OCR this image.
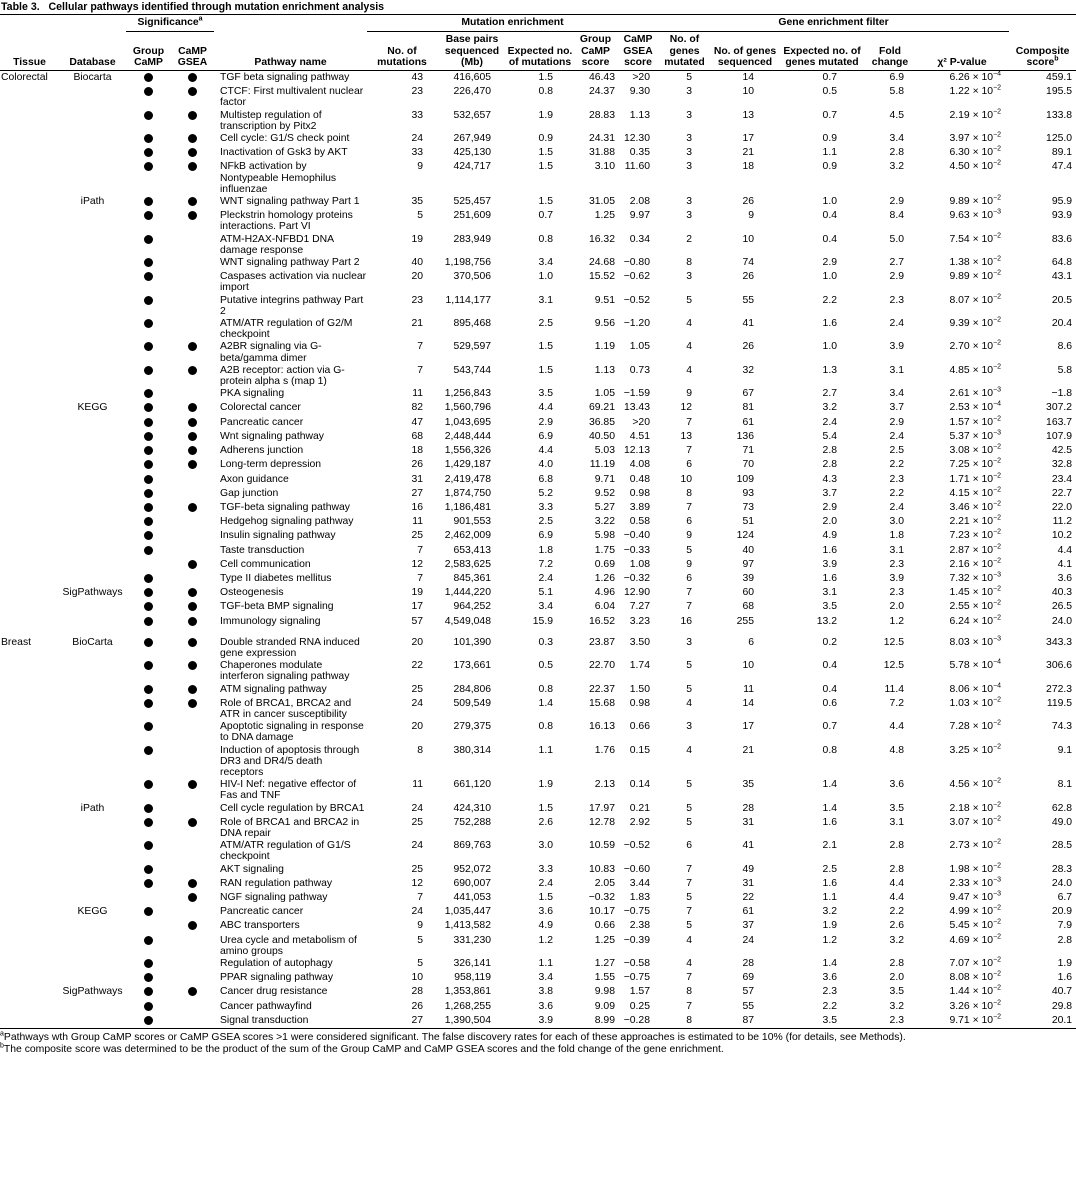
Table 3. Cellular pathways identified through mutation enrichment analysis
		Significance$^a$			Mutation enrichment					Gene enrichment filter					
Tissue	Database	Group CaMP	CaMP GSEA	Pathway name	No. of mutations	Base pairs sequenced (Mb)	Expected no. of mutations	Group CaMP score	CaMP GSEA score	No. of genes mutated	No. of genes sequenced	Expected no. of genes mutated	Fold change	χ² P-value	Composite score$^b$
Colorectal	Biocarta			TGF beta signaling pathway	43	416,605	1.5	46.43	>20	5	14	0.7	6.9	$6.26 \times 10^{-4}$	459.1
				CTCF: First multivalent nuclear factor	23	226,470	0.8	24.37	9.30	3	10	0.5	5.8	$1.22 \times 10^{-2}$	195.5
				Multistep regulation of transcription by Pitx2	33	532,657	1.9	28.83	1.13	3	13	0.7	4.5	$2.19 \times 10^{-2}$	133.8
				Cell cycle: G1/S check point	24	267,949	0.9	24.31	12.30	3	17	0.9	3.4	$3.97 \times 10^{-2}$	125.0
				Inactivation of Gsk3 by AKT	33	425,130	1.5	31.88	0.35	3	21	1.1	2.8	$6.30 \times 10^{-2}$	89.1
				NFkB activation by Nontypeable Hemophilus influenzae	9	424,717	1.5	3.10	11.60	3	18	0.9	3.2	$4.50 \times 10^{-2}$	47.4
	iPath			WNT signaling pathway Part 1	35	525,457	1.5	31.05	2.08	3	26	1.0	2.9	$9.89 \times 10^{-2}$	95.9
				Pleckstrin homology proteins interactions. Part VI	5	251,609	0.7	1.25	9.97	3	9	0.4	8.4	$9.63 \times 10^{-3}$	93.9
				ATM-H2AX-NFBD1 DNA damage response	19	283,949	0.8	16.32	0.34	2	10	0.4	5.0	$7.54 \times 10^{-2}$	83.6
				WNT signaling pathway Part 2	40	1,198,756	3.4	24.68	−0.80	8	74	2.9	2.7	$1.38 \times 10^{-2}$	64.8
				Caspases activation via nuclear import	20	370,506	1.0	15.52	−0.62	3	26	1.0	2.9	$9.89 \times 10^{-2}$	43.1
				Putative integrins pathway Part 2	23	1,114,177	3.1	9.51	−0.52	5	55	2.2	2.3	$8.07 \times 10^{-2}$	20.5
				ATM/ATR regulation of G2/M checkpoint	21	895,468	2.5	9.56	−1.20	4	41	1.6	2.4	$9.39 \times 10^{-2}$	20.4
				A2BR signaling via G-beta/gamma dimer	7	529,597	1.5	1.19	1.05	4	26	1.0	3.9	$2.70 \times 10^{-2}$	8.6
				A2B receptor: action via G-protein alpha s (map 1)	7	543,744	1.5	1.13	0.73	4	32	1.3	3.1	$4.85 \times 10^{-2}$	5.8
				PKA signaling	11	1,256,843	3.5	1.05	−1.59	9	67	2.7	3.4	$2.61 \times 10^{-3}$	−1.8
	KEGG			Colorectal cancer	82	1,560,796	4.4	69.21	13.43	12	81	3.2	3.7	$2.53 \times 10^{-4}$	307.2
				Pancreatic cancer	47	1,043,695	2.9	36.85	>20	7	61	2.4	2.9	$1.57 \times 10^{-2}$	163.7
				Wnt signaling pathway	68	2,448,444	6.9	40.50	4.51	13	136	5.4	2.4	$5.37 \times 10^{-3}$	107.9
				Adherens junction	18	1,556,326	4.4	5.03	12.13	7	71	2.8	2.5	$3.08 \times 10^{-2}$	42.5
				Long-term depression	26	1,429,187	4.0	11.19	4.08	6	70	2.8	2.2	$7.25 \times 10^{-2}$	32.8
				Axon guidance	31	2,419,478	6.8	9.71	0.48	10	109	4.3	2.3	$1.71 \times 10^{-2}$	23.4
				Gap junction	27	1,874,750	5.2	9.52	0.98	8	93	3.7	2.2	$4.15 \times 10^{-2}$	22.7
				TGF-beta signaling pathway	16	1,186,481	3.3	5.27	3.89	7	73	2.9	2.4	$3.46 \times 10^{-2}$	22.0
				Hedgehog signaling pathway	11	901,553	2.5	3.22	0.58	6	51	2.0	3.0	$2.21 \times 10^{-2}$	11.2
				Insulin signaling pathway	25	2,462,009	6.9	5.98	−0.40	9	124	4.9	1.8	$7.23 \times 10^{-2}$	10.2
				Taste transduction	7	653,413	1.8	1.75	−0.33	5	40	1.6	3.1	$2.87 \times 10^{-2}$	4.4
				Cell communication	12	2,583,625	7.2	0.69	1.08	9	97	3.9	2.3	$2.16 \times 10^{-2}$	4.1
				Type II diabetes mellitus	7	845,361	2.4	1.26	−0.32	6	39	1.6	3.9	$7.32 \times 10^{-3}$	3.6
	SigPathways			Osteogenesis	19	1,444,220	5.1	4.96	12.90	7	60	3.1	2.3	$1.45 \times 10^{-2}$	40.3
				TGF-beta BMP signaling	17	964,252	3.4	6.04	7.27	7	68	3.5	2.0	$2.55 \times 10^{-2}$	26.5
				Immunology signaling	57	4,549,048	15.9	16.52	3.23	16	255	13.2	1.2	$6.24 \times 10^{-2}$	24.0
Breast	BioCarta			Double stranded RNA induced gene expression	20	101,390	0.3	23.87	3.50	3	6	0.2	12.5	$8.03 \times 10^{-3}$	343.3
				Chaperones modulate interferon signaling pathway	22	173,661	0.5	22.70	1.74	5	10	0.4	12.5	$5.78 \times 10^{-4}$	306.6
				ATM signaling pathway	25	284,806	0.8	22.37	1.50	5	11	0.4	11.4	$8.06 \times 10^{-4}$	272.3
				Role of BRCA1, BRCA2 and ATR in cancer susceptibility	24	509,549	1.4	15.68	0.98	4	14	0.6	7.2	$1.03 \times 10^{-2}$	119.5
				Apoptotic signaling in response to DNA damage	20	279,375	0.8	16.13	0.66	3	17	0.7	4.4	$7.28 \times 10^{-2}$	74.3
				Induction of apoptosis through DR3 and DR4/5 death receptors	8	380,314	1.1	1.76	0.15	4	21	0.8	4.8	$3.25 \times 10^{-2}$	9.1
				HIV-I Nef: negative effector of Fas and TNF	11	661,120	1.9	2.13	0.14	5	35	1.4	3.6	$4.56 \times 10^{-2}$	8.1
	iPath			Cell cycle regulation by BRCA1	24	424,310	1.5	17.97	0.21	5	28	1.4	3.5	$2.18 \times 10^{-2}$	62.8
				Role of BRCA1 and BRCA2 in DNA repair	25	752,288	2.6	12.78	2.92	5	31	1.6	3.1	$3.07 \times 10^{-2}$	49.0
				ATM/ATR regulation of G1/S checkpoint	24	869,763	3.0	10.59	−0.52	6	41	2.1	2.8	$2.73 \times 10^{-2}$	28.5
				AKT signaling	25	952,072	3.3	10.83	−0.60	7	49	2.5	2.8	$1.98 \times 10^{-2}$	28.3
				RAN regulation pathway	12	690,007	2.4	2.05	3.44	7	31	1.6	4.4	$2.33 \times 10^{-3}$	24.0
				NGF signaling pathway	7	441,053	1.5	−0.32	1.83	5	22	1.1	4.4	$9.47 \times 10^{-3}$	6.7
	KEGG			Pancreatic cancer	24	1,035,447	3.6	10.17	−0.75	7	61	3.2	2.2	$4.99 \times 10^{-2}$	20.9
				ABC transporters	9	1,413,582	4.9	0.66	2.38	5	37	1.9	2.6	$5.45 \times 10^{-2}$	7.9
				Urea cycle and metabolism of amino groups	5	331,230	1.2	1.25	−0.39	4	24	1.2	3.2	$4.69 \times 10^{-2}$	2.8
				Regulation of autophagy	5	326,141	1.1	1.27	−0.58	4	28	1.4	2.8	$7.07 \times 10^{-2}$	1.9
				PPAR signaling pathway	10	958,119	3.4	1.55	−0.75	7	69	3.6	2.0	$8.08 \times 10^{-2}$	1.6
	SigPathways			Cancer drug resistance	28	1,353,861	3.8	9.98	1.57	8	57	2.3	3.5	$1.44 \times 10^{-2}$	40.7
				Cancer pathwayfind	26	1,268,255	3.6	9.09	0.25	7	55	2.2	3.2	$3.26 \times 10^{-2}$	29.8
				Signal transduction	27	1,390,504	3.9	8.99	−0.28	8	87	3.5	2.3	$9.71 \times 10^{-2}$	20.1
$^a$Pathways wth Group CaMP scores or CaMP GSEA scores >1 were considered significant. The false discovery rates for each of these approaches is estimated to be 10% (for details, see Methods).
$^b$The composite score was determined to be the product of the sum of the Group CaMP and CaMP GSEA scores and the fold change of the gene enrichment.
